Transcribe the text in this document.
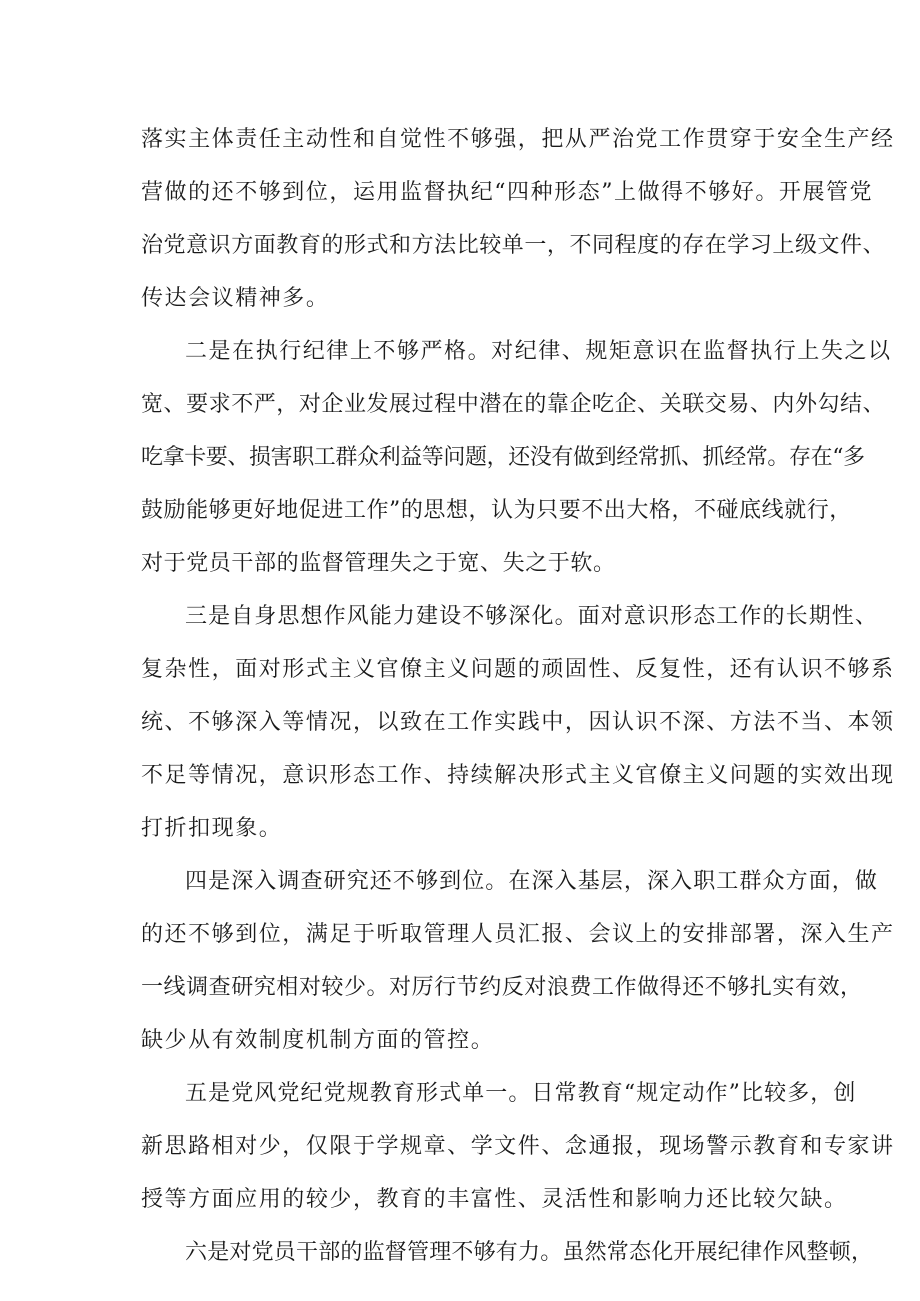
落实主体责任主动性和自觉性不够强，把从严治党工作贯穿于安全生产经
营做的还不够到位，运用监督执纪“四种形态”上做得不够好。开展管党
治党意识方面教育的形式和方法比较单一，不同程度的存在学习上级文件、
传达会议精神多。
二是在执行纪律上不够严格。对纪律、规矩意识在监督执行上失之以
宽、要求不严，对企业发展过程中潜在的靠企吃企、关联交易、内外勾结、
吃拿卡要、损害职工群众利益等问题，还没有做到经常抓、抓经常。存在“多
鼓励能够更好地促进工作”的思想，认为只要不出大格，不碰底线就行，
对于党员干部的监督管理失之于宽、失之于软。
三是自身思想作风能力建设不够深化。面对意识形态工作的长期性、
复杂性，面对形式主义官僚主义问题的顽固性、反复性，还有认识不够系
统、不够深入等情况，以致在工作实践中，因认识不深、方法不当、本领
不足等情况，意识形态工作、持续解决形式主义官僚主义问题的实效出现
打折扣现象。
四是深入调查研究还不够到位。在深入基层，深入职工群众方面，做
的还不够到位，满足于听取管理人员汇报、会议上的安排部署，深入生产
一线调查研究相对较少。对厉行节约反对浪费工作做得还不够扎实有效，
缺少从有效制度机制方面的管控。
五是党风党纪党规教育形式单一。日常教育“规定动作”比较多，创
新思路相对少，仅限于学规章、学文件、念通报，现场警示教育和专家讲
授等方面应用的较少，教育的丰富性、灵活性和影响力还比较欠缺。
六是对党员干部的监督管理不够有力。虽然常态化开展纪律作风整顿，
